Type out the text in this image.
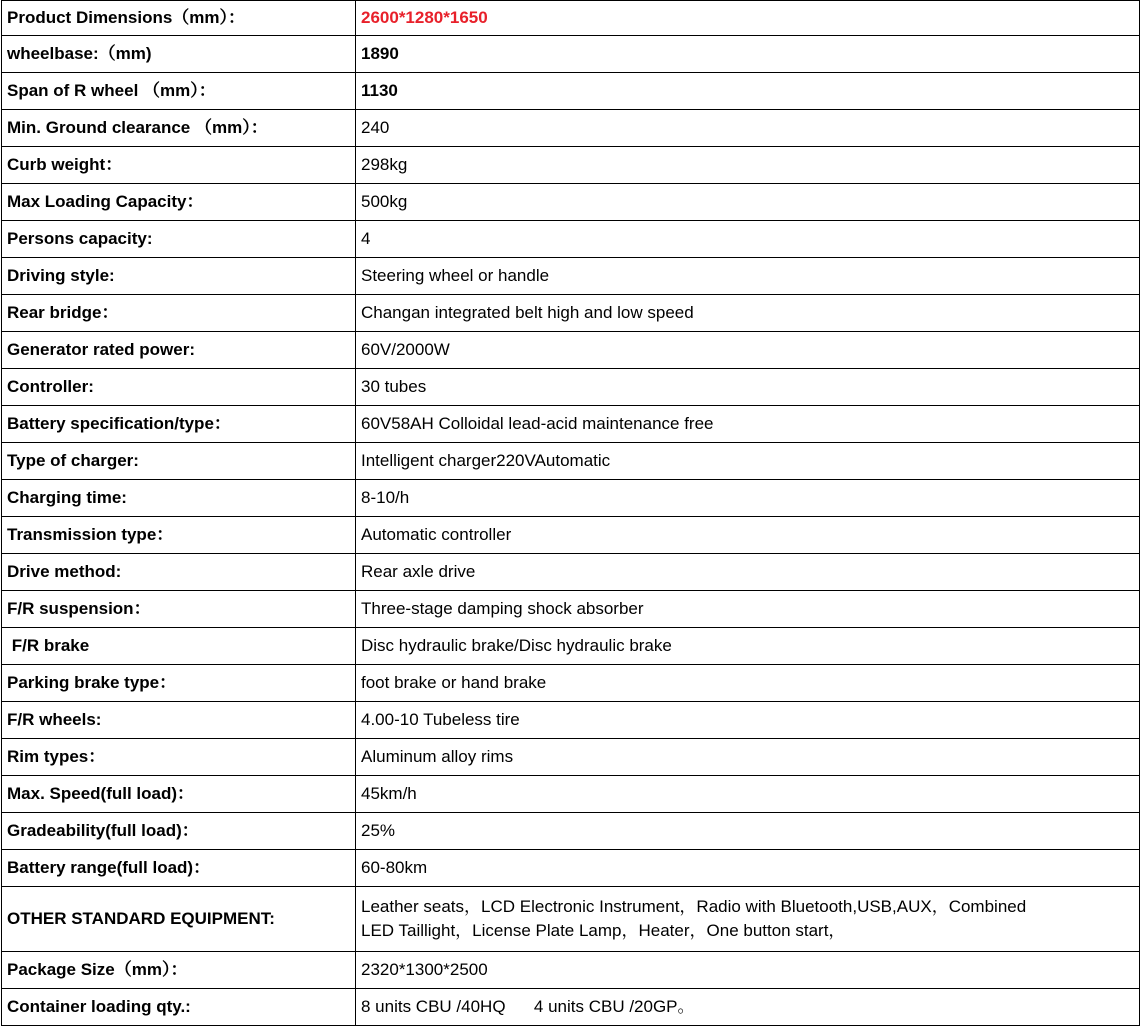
Product Dimensions（mm）：	2600*1280*1650
wheelbase:（mm)	1890
Span of R wheel （mm）：	1130
Min. Ground clearance （mm）：	240
Curb weight：	298kg
Max Loading Capacity：	500kg
Persons capacity:	4
Driving style:	Steering wheel or handle
Rear bridge：	Changan integrated belt high and low speed
Generator rated power:	60V/2000W
Controller:	30 tubes
Battery specification/type：	60V58AH Colloidal lead-acid maintenance free
Type of charger:	Intelligent charger220VAutomatic
Charging time:	8-10/h
Transmission type：	Automatic controller
Drive method:	Rear axle drive
F/R suspension：	Three-stage damping shock absorber
F/R brake	Disc hydraulic brake/Disc hydraulic brake
Parking brake type：	foot brake or hand brake
F/R wheels:	4.00-10 Tubeless tire
Rim types：	Aluminum alloy rims
Max. Speed(full load)：	45km/h
Gradeability(full load)：	25%
Battery range(full load)：	60-80km
OTHER STANDARD EQUIPMENT:	Leather seats，LCD Electronic Instrument，Radio with Bluetooth,USB,AUX，Combined
LED Taillight，License Plate Lamp，Heater，One button start，

Package Size（mm）：	2320*1300*2500
Container loading qty.:	8 units CBU /40HQ      4 units CBU /20GP。
